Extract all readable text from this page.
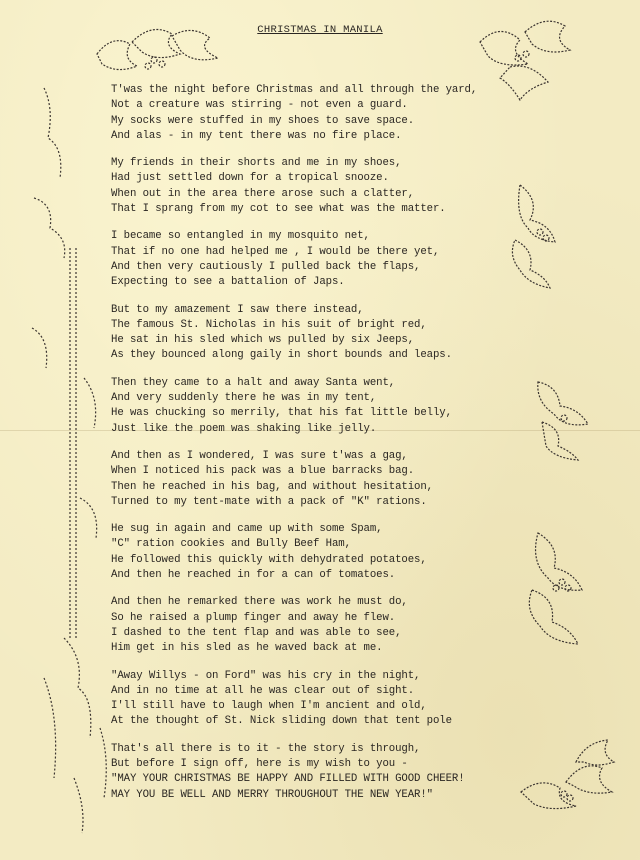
CHRISTMAS IN MANILA
T'was the night before Christmas and all through the yard,
Not a creature was stirring - not even a guard.
My socks were stuffed in my shoes to save space.
And alas - in my tent there was no fire place.
My friends in their shorts and me in my shoes,
Had just settled down for a tropical snooze.
When out in the area there arose such a clatter,
That I sprang from my cot to see what was the matter.
I became so entangled in my mosquito net,
That if no one had helped me , I would be there yet,
And then very cautiously I pulled back the flaps,
Expecting to see a battalion of Japs.
But to my amazement I saw there instead,
The famous St. Nicholas in his suit of bright red,
He sat in his sled which ws pulled by six Jeeps,
As they bounced along gaily in short bounds and leaps.
Then they came to a halt and away Santa went,
And very suddenly there he was in my tent,
He was chucking so merrily, that his fat little belly,
Just like the poem was shaking like jelly.
And then as I wondered, I was sure t'was a gag,
When I noticed his pack was a blue barracks bag.
Then he reached in his bag, and without hesitation,
Turned to my tent-mate with a pack of "K" rations.
He sug in again and came up with some Spam,
"C" ration cookies and Bully Beef Ham,
He followed this quickly with dehydrated potatoes,
And then he reached in for a can of tomatoes.
And then he remarked there was work he must do,
So he raised a plump finger and away he flew.
I dashed to the tent flap and was able to see,
Him get in his sled as he waved back at me.
"Away Willys - on Ford" was his cry in the night,
And in no time at all he was clear out of sight.
I'll still have to laugh when I'm ancient and old,
At the thought of St. Nick sliding down that tent pole
That's all there is to it - the story is through,
But before I sign off, here is my wish to you -
"MAY YOUR CHRISTMAS BE HAPPY AND FILLED WITH GOOD CHEER!
MAY YOU BE WELL AND MERRY THROUGHOUT THE NEW YEAR!"
